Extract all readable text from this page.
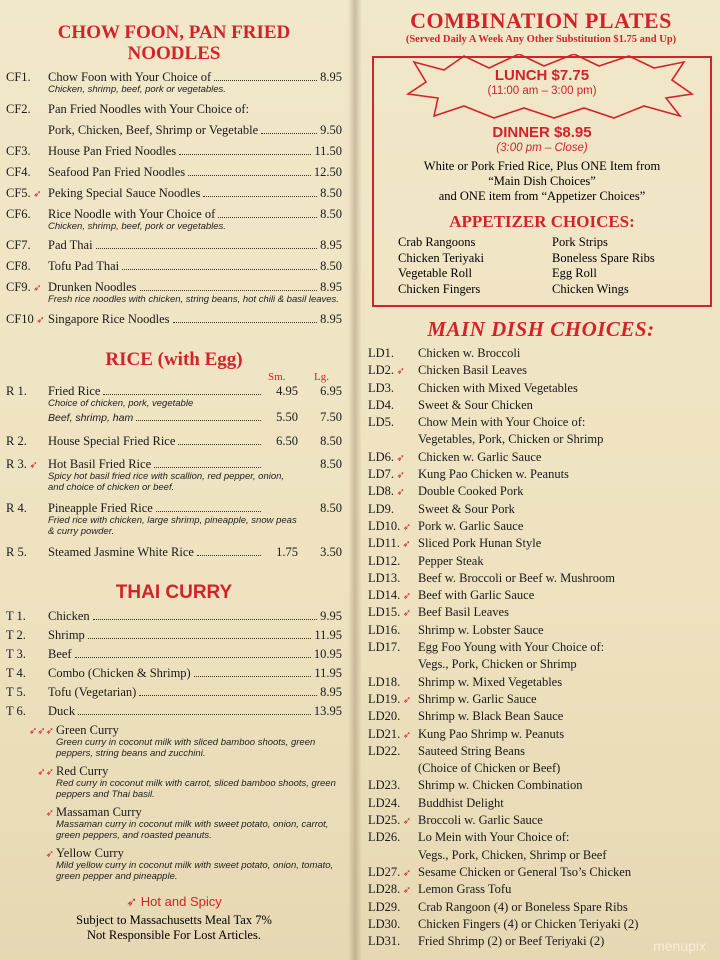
CHOW FOON, PAN FRIED
NOODLES
CF1.	Chow Foon with Your Choice of	8.95
Chicken, shrimp, beef, pork or vegetables.
CF2.	Pan Fried Noodles with Your Choice of:
Pork, Chicken, Beef, Shrimp or Vegetable	9.50
CF3.	House Pan Fried Noodles	11.50
CF4.	Seafood Pan Fried Noodles	12.50
CF5. ➶ Peking Special Sauce Noodles	8.50
CF6.	Rice Noodle with Your Choice of	8.50
Chicken, shrimp, beef, pork or vegetables.
CF7.	Pad Thai	8.95
CF8.	Tofu Pad Thai	8.50
CF9. ➶ Drunken Noodles	8.95
Fresh rice noodles with chicken, string beans, hot chili & basil leaves.
CF10 ➶ Singapore Rice Noodles	8.95
RICE (with Egg)
Sm.	Lg.
R 1.	Fried Rice	4.95	6.95
Choice of chicken, pork, vegetable
Beef, shrimp, ham	5.50	7.50
R 2.	House Special Fried Rice	6.50	8.50
R 3. ➶ Hot Basil Fried Rice	8.50
Spicy hot basil fried rice with scallion, red pepper, onion, and choice of chicken or beef.
R 4.	Pineapple Fried Rice	8.50
Fried rice with chicken, large shrimp, pineapple, snow peas & curry powder.
R 5.	Steamed Jasmine White Rice	1.75	3.50
THAI CURRY
T 1.	Chicken	9.95
T 2.	Shrimp	11.95
T 3.	Beef	10.95
T 4.	Combo (Chicken & Shrimp)	11.95
T 5.	Tofu (Vegetarian)	8.95
T 6.	Duck	13.95
➶➶➶ Green Curry
Green curry in coconut milk with sliced bamboo shoots, green peppers, string beans and zucchini.
➶➶ Red Curry
Red curry in coconut milk with carrot, sliced bamboo shoots, green peppers and Thai basil.
➶ Massaman Curry
Massaman curry in coconut milk with sweet potato, onion, carrot, green peppers, and roasted peanuts.
➶ Yellow Curry
Mild yellow curry in coconut milk with sweet potato, onion, tomato, green pepper and pineapple.
➶ Hot and Spicy
Subject to Massachusetts Meal Tax 7%
Not Responsible For Lost Articles.
COMBINATION PLATES
(Served Daily A Week Any Other Substitution $1.75 and Up)
LUNCH $7.75
(11:00 am – 3:00 pm)
DINNER $8.95
(3:00 pm – Close)
White or Pork Fried Rice, Plus ONE Item from
“Main Dish Choices”
and ONE item from “Appetizer Choices”
APPETIZER CHOICES:
Crab Rangoons	Pork Strips
Chicken Teriyaki	Boneless Spare Ribs
Vegetable Roll	Egg Roll
Chicken Fingers	Chicken Wings
MAIN DISH CHOICES:
LD1.	Chicken w. Broccoli
LD2. ➶	Chicken Basil Leaves
LD3.	Chicken with Mixed Vegetables
LD4.	Sweet & Sour Chicken
LD5.	Chow Mein with Your Choice of:
Vegetables, Pork, Chicken or Shrimp
LD6. ➶	Chicken w. Garlic Sauce
LD7. ➶	Kung Pao Chicken w. Peanuts
LD8. ➶	Double Cooked Pork
LD9.	Sweet & Sour Pork
LD10. ➶ Pork w. Garlic Sauce
LD11. ➶ Sliced Pork Hunan Style
LD12.	Pepper Steak
LD13.	Beef w. Broccoli or Beef w. Mushroom
LD14. ➶ Beef with Garlic Sauce
LD15. ➶ Beef Basil Leaves
LD16.	Shrimp w. Lobster Sauce
LD17.	Egg Foo Young with Your Choice of:
Vegs., Pork, Chicken or Shrimp
LD18.	Shrimp w. Mixed Vegetables
LD19. ➶ Shrimp w. Garlic Sauce
LD20.	Shrimp w. Black Bean Sauce
LD21. ➶ Kung Pao Shrimp w. Peanuts
LD22.	Sauteed String Beans
(Choice of Chicken or Beef)
LD23.	Shrimp w. Chicken Combination
LD24.	Buddhist Delight
LD25. ➶ Broccoli w. Garlic Sauce
LD26.	Lo Mein with Your Choice of:
Vegs., Pork, Chicken, Shrimp or Beef
LD27. ➶ Sesame Chicken or General Tso’s Chicken
LD28. ➶ Lemon Grass Tofu
LD29.	Crab Rangoon (4) or Boneless Spare Ribs
LD30.	Chicken Fingers (4) or Chicken Teriyaki (2)
LD31.	Fried Shrimp (2) or Beef Teriyaki (2)	menupix
